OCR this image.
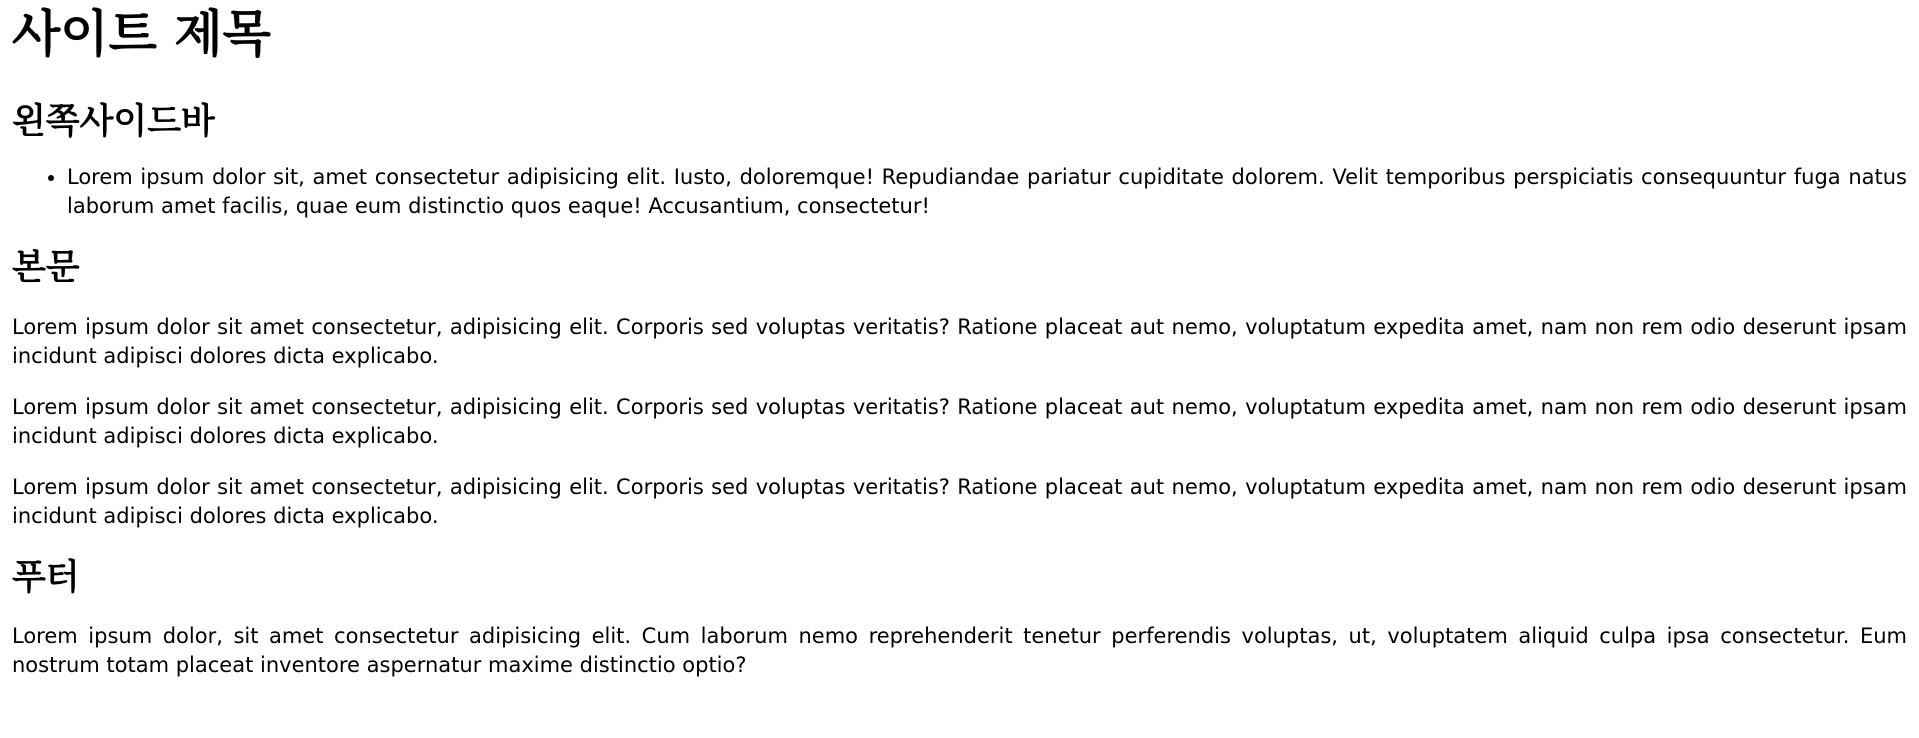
사이트 제목
왼쪽사이드바
• Lorem ipsum dolor sit, amet consectetur adipisicing elit. Iusto, doloremque! Repudiandae pariatur cupiditate dolorem. Velit temporibus perspiciatis consequuntur fuga natus laborum amet facilis, quae eum distinctio quos eaque! Accusantium, consectetur!
본문

Lorem ipsum dolor sit amet consectetur, adipisicing elit. Corporis sed voluptas veritatis? Ratione placeat aut nemo, voluptatum expedita amet, nam non rem odio deserunt ipsam incidunt adipisci dolores dicta explicabo.

Lorem ipsum dolor sit amet consectetur, adipisicing elit. Corporis sed voluptas veritatis? Ratione placeat aut nemo, voluptatum expedita amet, nam non rem odio deserunt ipsam incidunt adipisci dolores dicta explicabo.

Lorem ipsum dolor sit amet consectetur, adipisicing elit. Corporis sed voluptas veritatis? Ratione placeat aut nemo, voluptatum expedita amet, nam non rem odio deserunt ipsam incidunt adipisci dolores dicta explicabo.

푸터

Lorem ipsum dolor, sit amet consectetur adipisicing elit. Cum laborum nemo reprehenderit tenetur perferendis voluptas, ut, voluptatem aliquid culpa ipsa consectetur. Eum nostrum totam placeat inventore aspernatur maxime distinctio optio?
